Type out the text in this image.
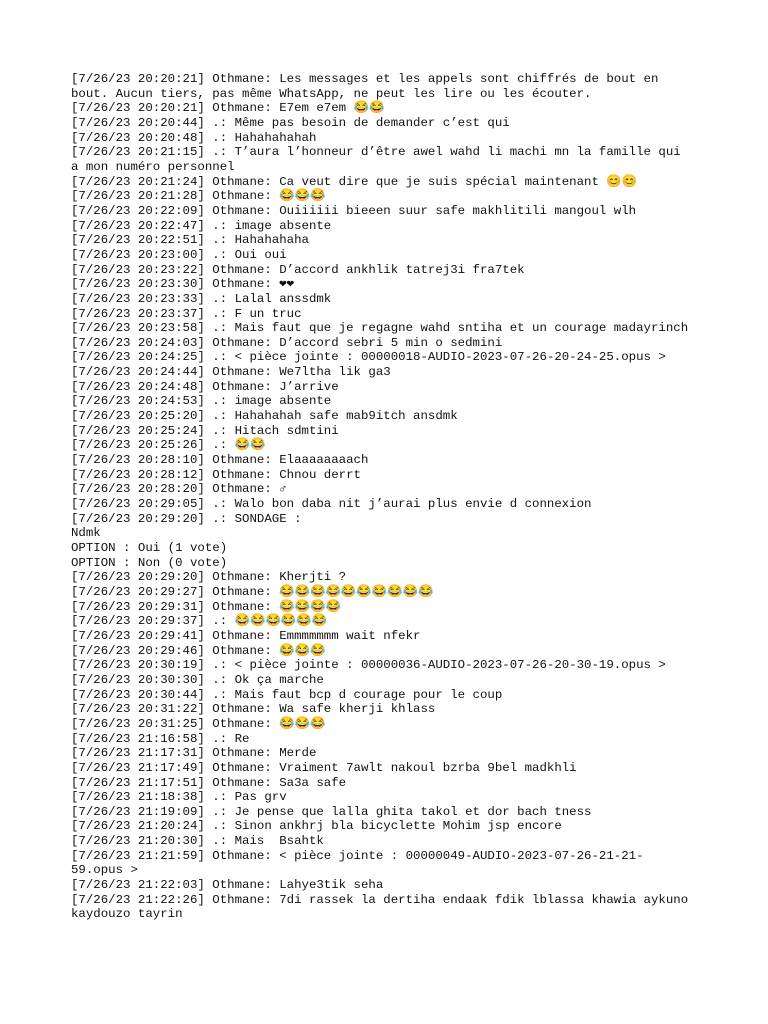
[7/26/23 20:20:21] Othmane: Les messages et les appels sont chiffrés de bout en
bout. Aucun tiers, pas même WhatsApp, ne peut les lire ou les écouter.
[7/26/23 20:20:21] Othmane: E7em e7em 😂😂
[7/26/23 20:20:44] .: Même pas besoin de demander c’est qui
[7/26/23 20:20:48] .: Hahahahahah
[7/26/23 20:21:15] .: T’aura l’honneur d’être awel wahd li machi mn la famille qui
a mon numéro personnel
[7/26/23 20:21:24] Othmane: Ca veut dire que je suis spécial maintenant 😊😊
[7/26/23 20:21:28] Othmane: 😂😂😂
[7/26/23 20:22:09] Othmane: Ouiiiiii bieeen suur safe makhlitili mangoul wlh
[7/26/23 20:22:47] .: image absente
[7/26/23 20:22:51] .: Hahahahaha
[7/26/23 20:23:00] .: Oui oui
[7/26/23 20:23:22] Othmane: D’accord ankhlik tatrej3i fra7tek
[7/26/23 20:23:30] Othmane: ❤❤
[7/26/23 20:23:33] .: Lalal anssdmk
[7/26/23 20:23:37] .: F un truc
[7/26/23 20:23:58] .: Mais faut que je regagne wahd sntiha et un courage madayrinch
[7/26/23 20:24:03] Othmane: D’accord sebri 5 min o sedmini
[7/26/23 20:24:25] .: < pièce jointe : 00000018-AUDIO-2023-07-26-20-24-25.opus >
[7/26/23 20:24:44] Othmane: We7ltha lik ga3
[7/26/23 20:24:48] Othmane: J’arrive
[7/26/23 20:24:53] .: image absente
[7/26/23 20:25:20] .: Hahahahah safe mab9itch ansdmk
[7/26/23 20:25:24] .: Hitach sdmtini
[7/26/23 20:25:26] .: 😂😂
[7/26/23 20:28:10] Othmane: Elaaaaaaaach
[7/26/23 20:28:12] Othmane: Chnou derrt
[7/26/23 20:28:20] Othmane: ♂
[7/26/23 20:29:05] .: Walo bon daba nit j’aurai plus envie d connexion
[7/26/23 20:29:20] .: SONDAGE :
Ndmk
OPTION : Oui (1 vote)
OPTION : Non (0 vote)
[7/26/23 20:29:20] Othmane: Kherjti ?
[7/26/23 20:29:27] Othmane: 😂😂😂😂😂😂😂😂😂😂
[7/26/23 20:29:31] Othmane: 😂😂😂😂
[7/26/23 20:29:37] .: 😂😂😂😂😂😂
[7/26/23 20:29:41] Othmane: Emmmmmmm wait nfekr
[7/26/23 20:29:46] Othmane: 😂😂😂
[7/26/23 20:30:19] .: < pièce jointe : 00000036-AUDIO-2023-07-26-20-30-19.opus >
[7/26/23 20:30:30] .: Ok ça marche
[7/26/23 20:30:44] .: Mais faut bcp d courage pour le coup
[7/26/23 20:31:22] Othmane: Wa safe kherji khlass
[7/26/23 20:31:25] Othmane: 😂😂😂
[7/26/23 21:16:58] .: Re
[7/26/23 21:17:31] Othmane: Merde
[7/26/23 21:17:49] Othmane: Vraiment 7awlt nakoul bzrba 9bel madkhli
[7/26/23 21:17:51] Othmane: Sa3a safe
[7/26/23 21:18:38] .: Pas grv
[7/26/23 21:19:09] .: Je pense que lalla ghita takol et dor bach tness
[7/26/23 21:20:24] .: Sinon ankhrj bla bicyclette Mohim jsp encore
[7/26/23 21:20:30] .: Mais  Bsahtk
[7/26/23 21:21:59] Othmane: < pièce jointe : 00000049-AUDIO-2023-07-26-21-21-
59.opus >
[7/26/23 21:22:03] Othmane: Lahye3tik seha
[7/26/23 21:22:26] Othmane: 7di rassek la dertiha endaak fdik lblassa khawia aykuno
kaydouzo tayrin
